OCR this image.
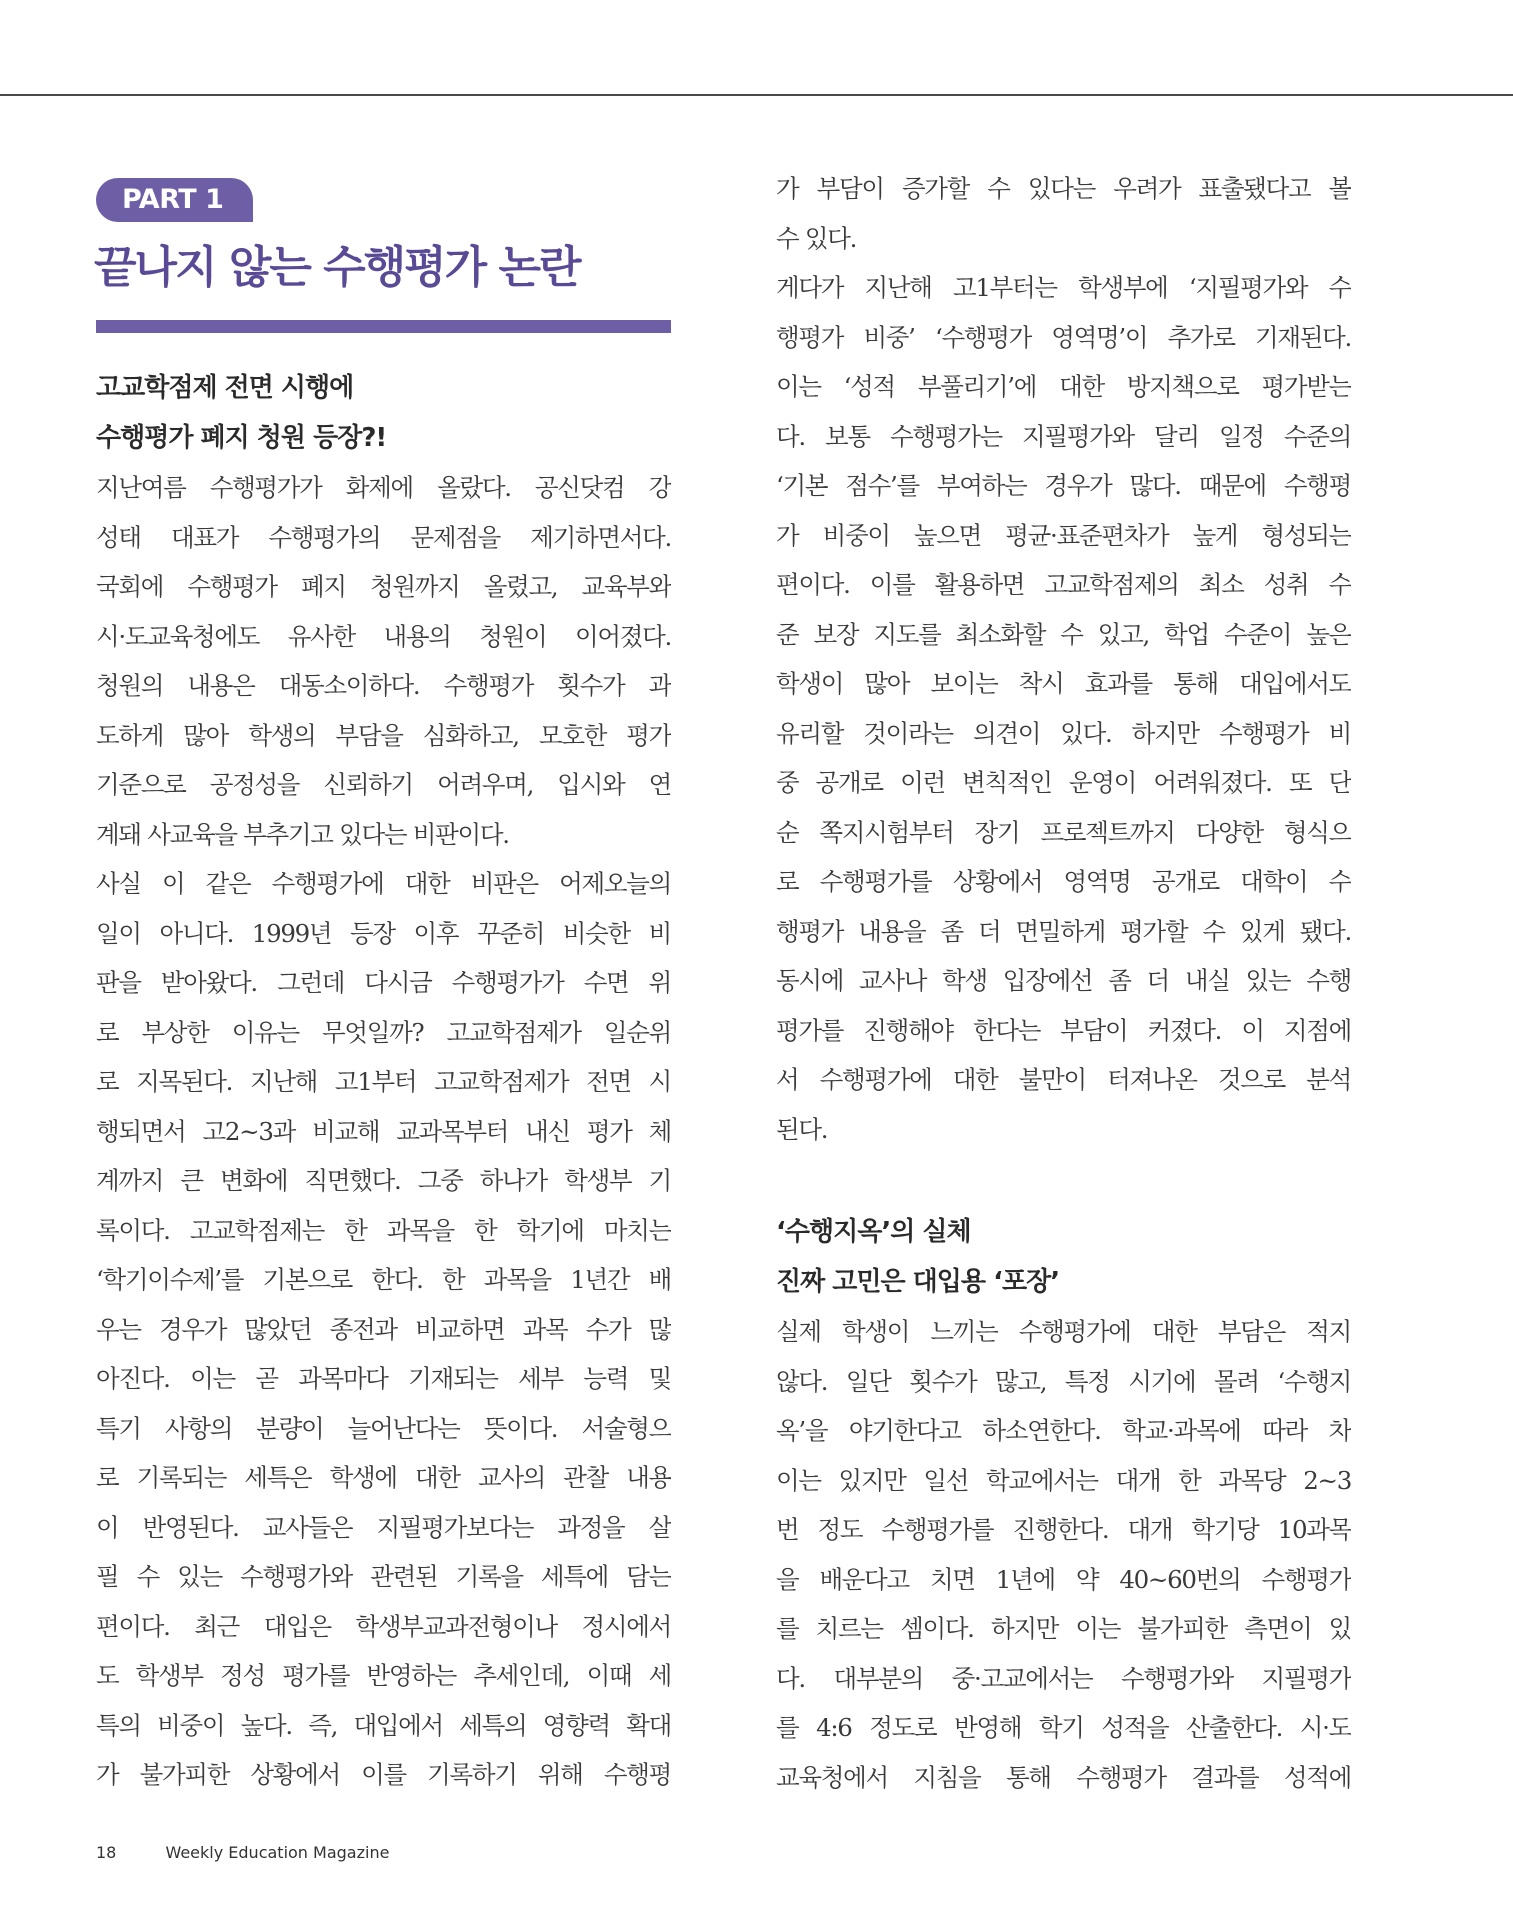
PART 1
끝나지 않는 수행평가 논란

고교학점제 전면 시행에

수행평가 폐지 청원 등장?!

지난여름 수행평가가 화제에 올랐다. 공신닷컴 강
성태 대표가 수행평가의 문제점을 제기하면서다.
국회에 수행평가 폐지 청원까지 올렸고, 교육부와
시·도교육청에도 유사한 내용의 청원이 이어졌다.
청원의 내용은 대동소이하다. 수행평가 횟수가 과
도하게 많아 학생의 부담을 심화하고, 모호한 평가
기준으로 공정성을 신뢰하기 어려우며, 입시와 연
계돼 사교육을 부추기고 있다는 비판이다.
사실 이 같은 수행평가에 대한 비판은 어제오늘의
일이 아니다. 1999년 등장 이후 꾸준히 비슷한 비
판을 받아왔다. 그런데 다시금 수행평가가 수면 위
로 부상한 이유는 무엇일까? 고교학점제가 일순위
로 지목된다. 지난해 고1부터 고교학점제가 전면 시
행되면서 고2~3과 비교해 교과목부터 내신 평가 체
계까지 큰 변화에 직면했다. 그중 하나가 학생부 기
록이다. 고교학점제는 한 과목을 한 학기에 마치는
‘학기이수제’를 기본으로 한다. 한 과목을 1년간 배
우는 경우가 많았던 종전과 비교하면 과목 수가 많
아진다. 이는 곧 과목마다 기재되는 세부 능력 및
특기 사항의 분량이 늘어난다는 뜻이다. 서술형으
로 기록되는 세특은 학생에 대한 교사의 관찰 내용
이 반영된다. 교사들은 지필평가보다는 과정을 살
필 수 있는 수행평가와 관련된 기록을 세특에 담는
편이다. 최근 대입은 학생부교과전형이나 정시에서
도 학생부 정성 평가를 반영하는 추세인데, 이때 세
특의 비중이 높다. 즉, 대입에서 세특의 영향력 확대
가 불가피한 상황에서 이를 기록하기 위해 수행평
가 부담이 증가할 수 있다는 우려가 표출됐다고 볼
수 있다.
게다가 지난해 고1부터는 학생부에 ‘지필평가와 수
행평가 비중’ ‘수행평가 영역명’이 추가로 기재된다.
이는 ‘성적 부풀리기’에 대한 방지책으로 평가받는
다. 보통 수행평가는 지필평가와 달리 일정 수준의
‘기본 점수’를 부여하는 경우가 많다. 때문에 수행평
가 비중이 높으면 평균·표준편차가 높게 형성되는
편이다. 이를 활용하면 고교학점제의 최소 성취 수
준 보장 지도를 최소화할 수 있고, 학업 수준이 높은
학생이 많아 보이는 착시 효과를 통해 대입에서도
유리할 것이라는 의견이 있다. 하지만 수행평가 비
중 공개로 이런 변칙적인 운영이 어려워졌다. 또 단
순 쪽지시험부터 장기 프로젝트까지 다양한 형식으
로 수행평가를 상황에서 영역명 공개로 대학이 수
행평가 내용을 좀 더 면밀하게 평가할 수 있게 됐다.
동시에 교사나 학생 입장에선 좀 더 내실 있는 수행
평가를 진행해야 한다는 부담이 커졌다. 이 지점에
서 수행평가에 대한 불만이 터져나온 것으로 분석
된다.

‘수행지옥’의 실체

진짜 고민은 대입용 ‘포장’

실제 학생이 느끼는 수행평가에 대한 부담은 적지
않다. 일단 횟수가 많고, 특정 시기에 몰려 ‘수행지
옥’을 야기한다고 하소연한다. 학교·과목에 따라 차
이는 있지만 일선 학교에서는 대개 한 과목당 2~3
번 정도 수행평가를 진행한다. 대개 학기당 10과목
을 배운다고 치면 1년에 약 40~60번의 수행평가
를 치르는 셈이다. 하지만 이는 불가피한 측면이 있
다. 대부분의 중·고교에서는 수행평가와 지필평가
를 4:6 정도로 반영해 학기 성적을 산출한다. 시·도
교육청에서 지침을 통해 수행평가 결과를 성적에
18	Weekly Education Magazine
